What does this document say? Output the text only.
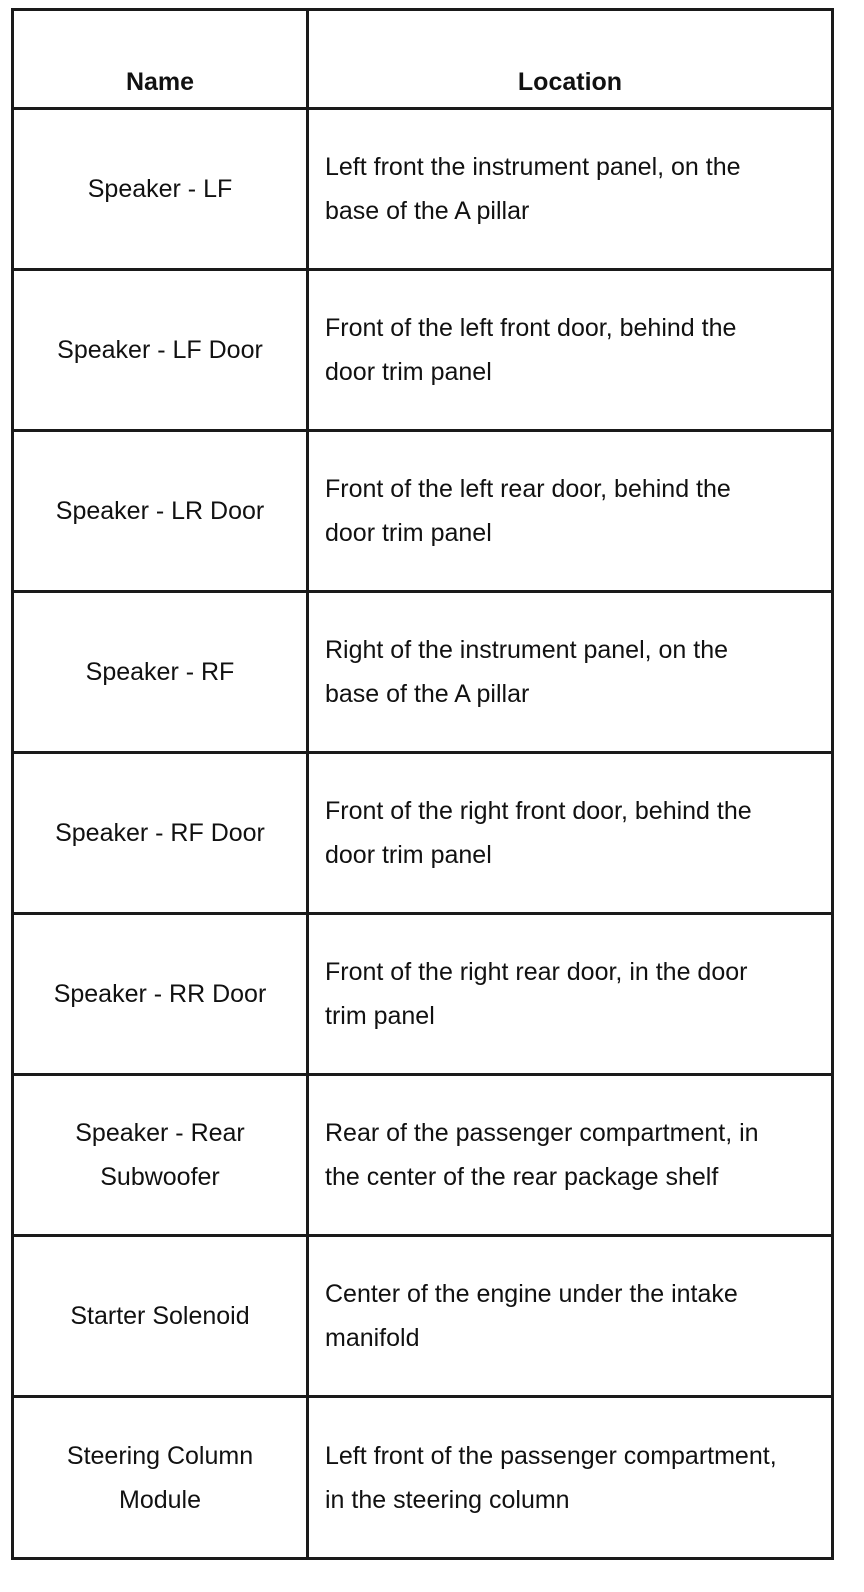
Name	Location
Speaker - LF	Left front the instrument panel, on the base of the A pillar
Speaker - LF Door	Front of the left front door, behind the door trim panel
Speaker - LR Door	Front of the left rear door, behind the door trim panel
Speaker - RF	Right of the instrument panel, on the base of the A pillar
Speaker - RF Door	Front of the right front door, behind the door trim panel
Speaker - RR Door	Front of the right rear door, in the door trim panel
Speaker - Rear Subwoofer	Rear of the passenger compartment, in the center of the rear package shelf
Starter Solenoid	Center of the engine under the intake manifold
Steering Column Module	Left front of the passenger compartment, in the steering column
